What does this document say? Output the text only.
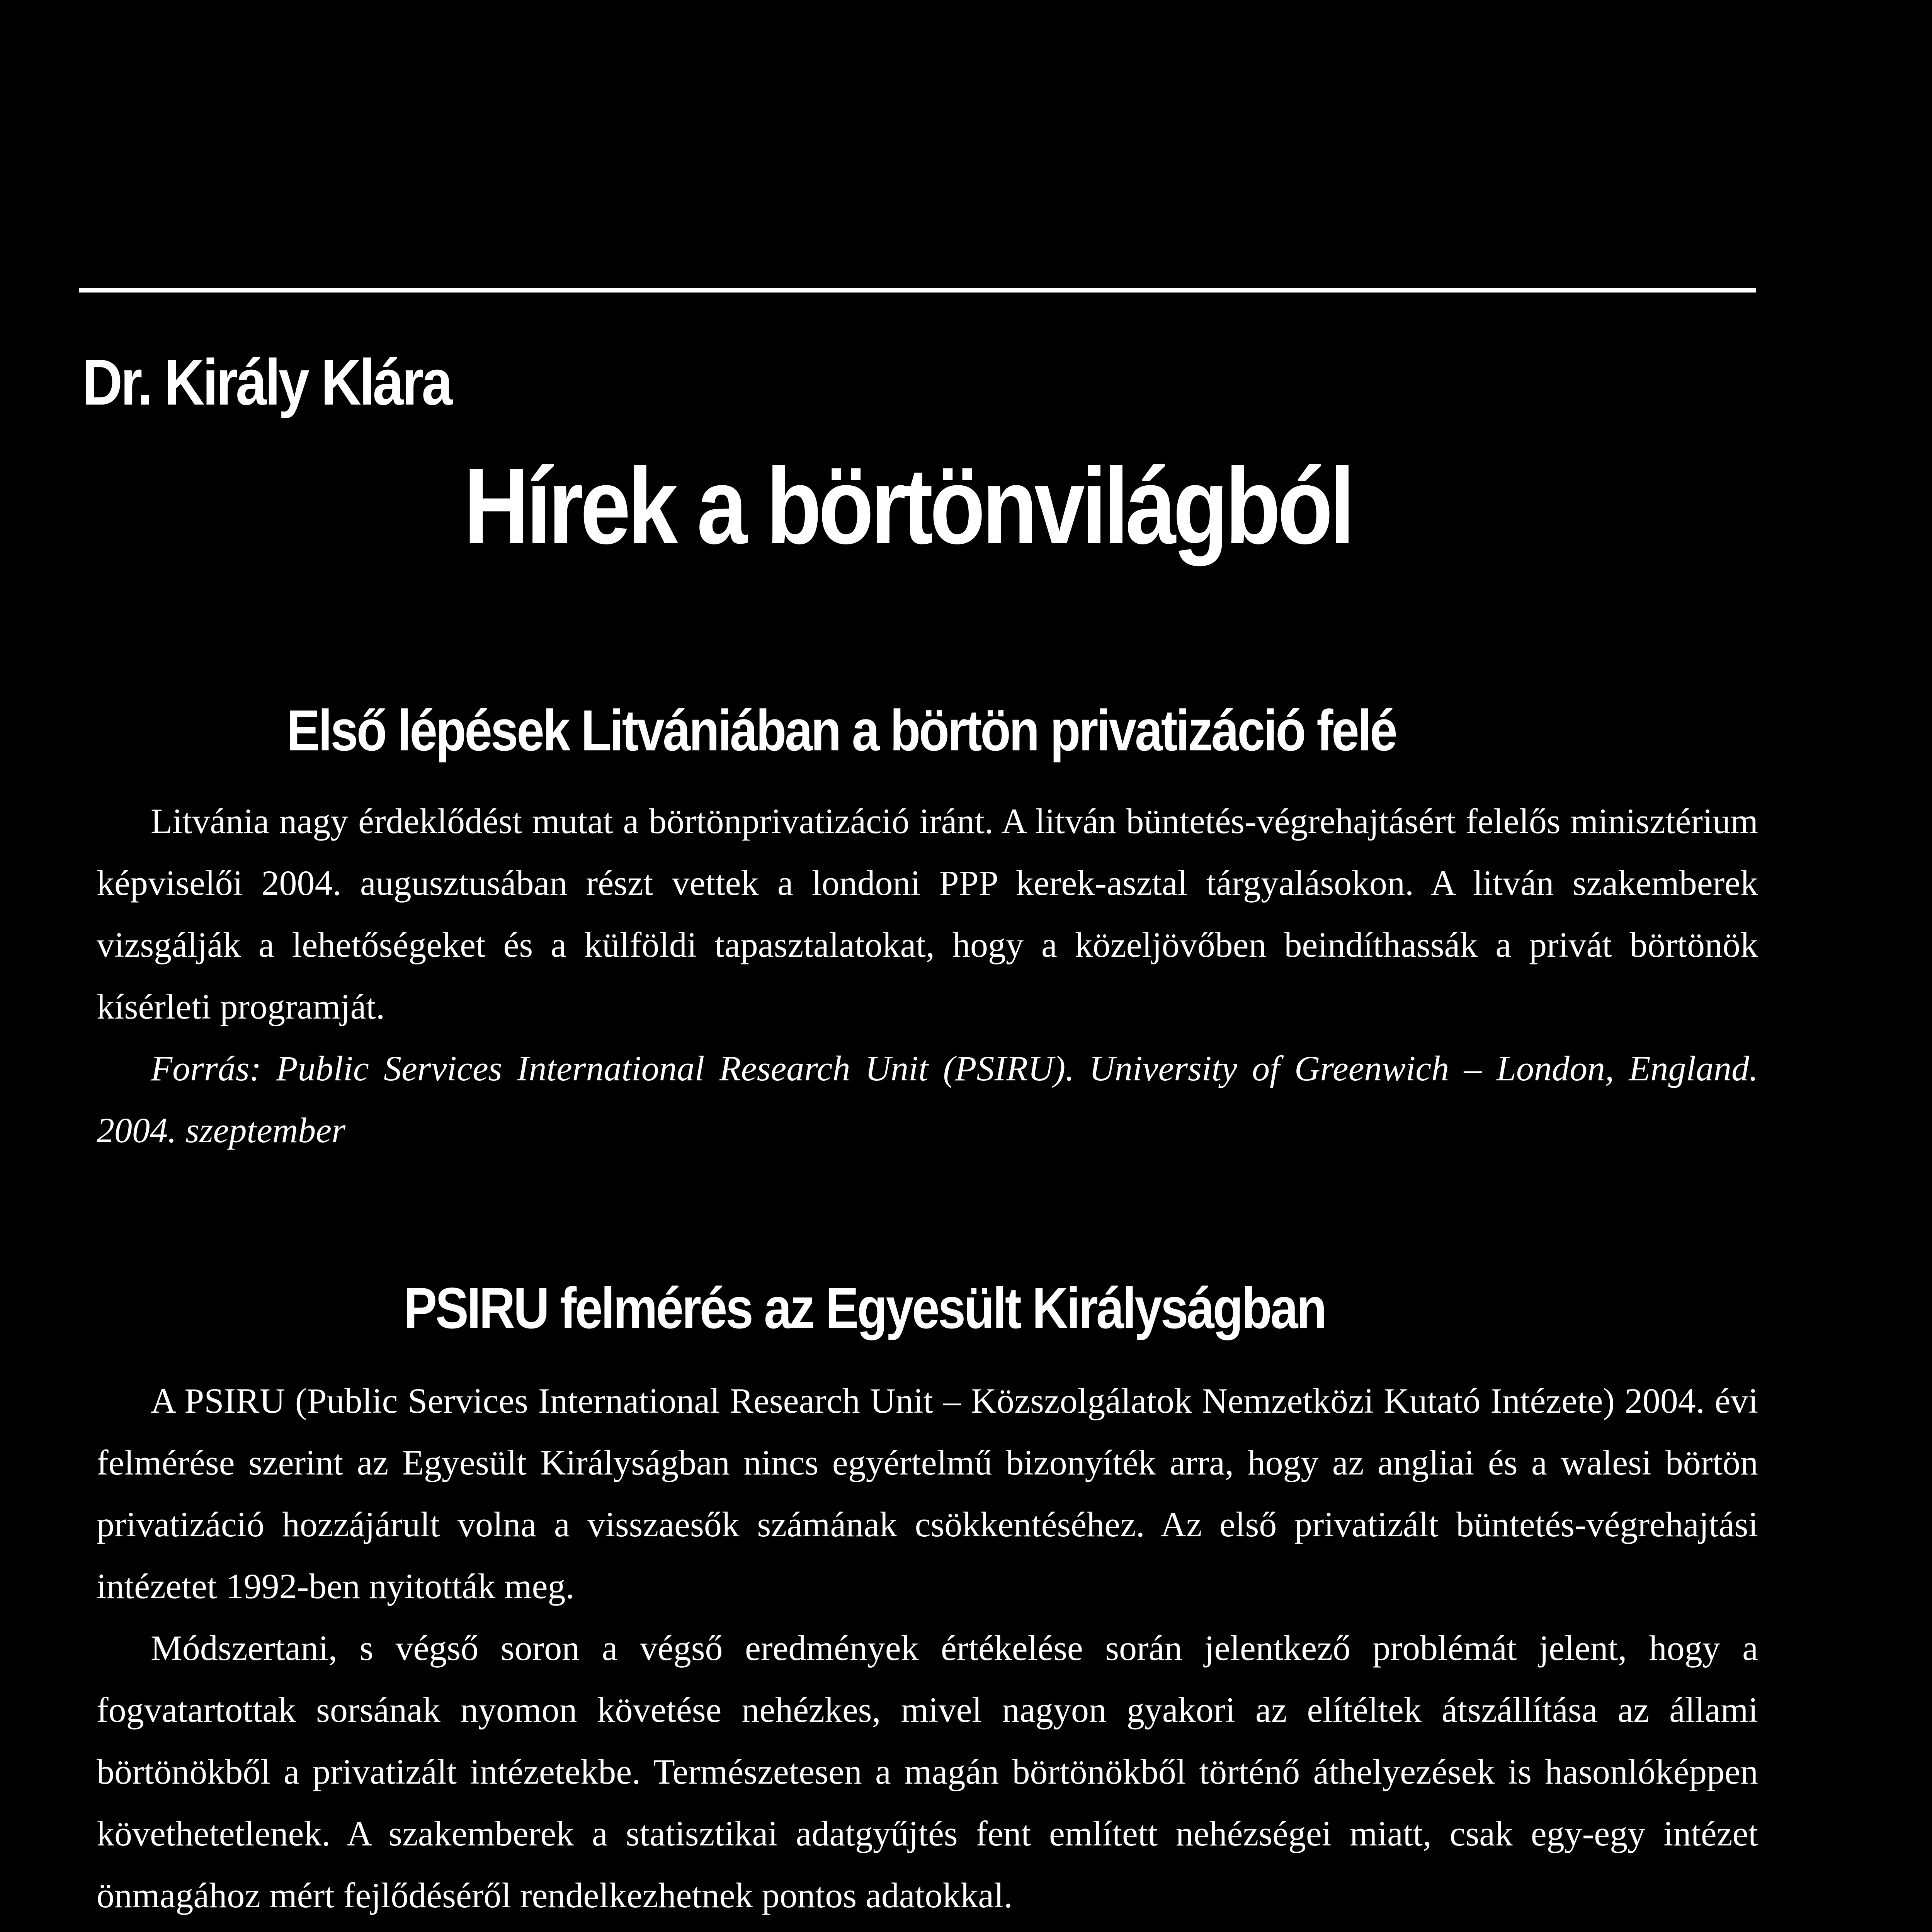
Dr. Király Klára
Hírek a börtönvilágból
Első lépések Litvániában a börtön privatizáció felé

Litvánia nagy érdeklődést mutat a börtönprivatizáció iránt. A litván büntetés-végrehajtásért felelős minisztérium képviselői 2004. augusztusában részt vettek a londoni PPP kerek-asztal tárgyalásokon. A litván szakemberek vizsgálják a lehetőségeket és a külföldi tapasztalatokat, hogy a közeljövőben beindíthassák a privát börtönök kísérleti programját.

Forrás: Public Services International Research Unit (PSIRU). University of Greenwich – London, England. 2004. szeptember

PSIRU felmérés az Egyesült Királyságban

A PSIRU (Public Services International Research Unit – Közszolgálatok Nemzetközi Kutató Intézete) 2004. évi felmérése szerint az Egyesült Királyságban nincs egyértelmű bizonyíték arra, hogy az angliai és a walesi börtön privatizáció hozzájárult volna a visszaesők számának csökkentéséhez. Az első privatizált büntetés-végrehajtási intézetet 1992-ben nyitották meg.

Módszertani, s végső soron a végső eredmények értékelése során jelentkező problémát jelent, hogy a fogvatartottak sorsának nyomon követése nehézkes, mivel nagyon gyakori az elítéltek átszállítása az állami börtönökből a privatizált intézetekbe. Természetesen a magán börtönökből történő áthelyezések is hasonlóképpen követhetetlenek. A szakemberek a statisztikai adatgyűjtés fent említett nehézségei miatt, csak egy-egy intézet önmagához mért fejlődéséről rendelkezhetnek pontos adatokkal.
